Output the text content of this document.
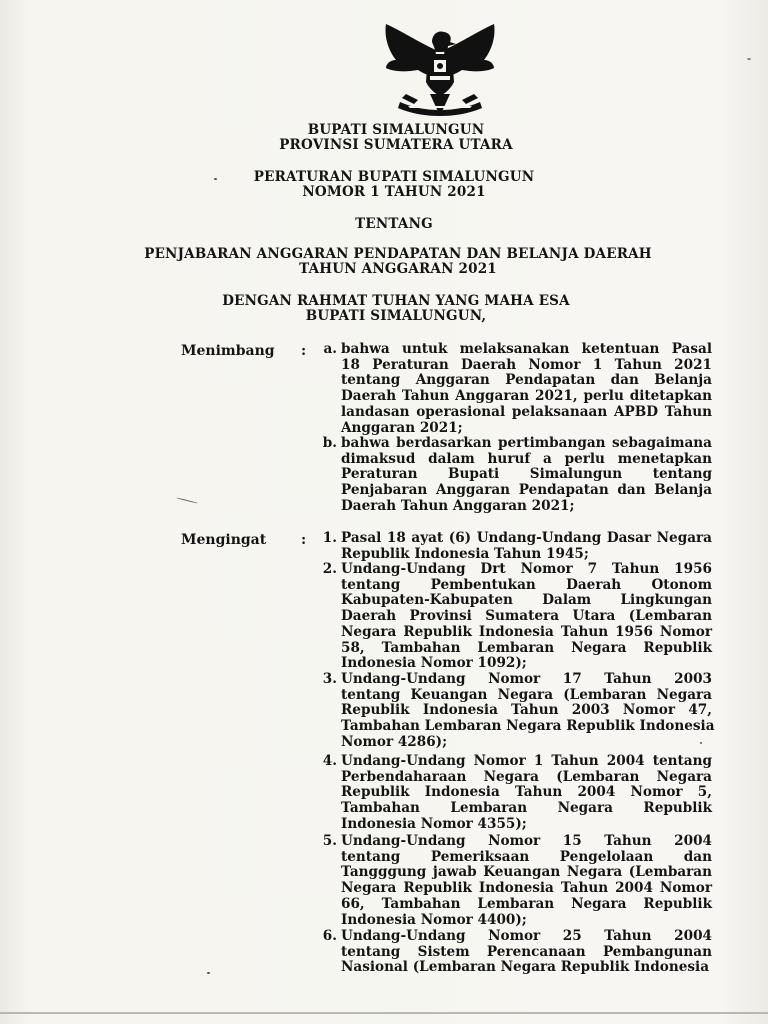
BUPATI SIMALUNGUN
PROVINSI SUMATERA UTARA
PERATURAN BUPATI SIMALUNGUN
NOMOR 1 TAHUN 2021
TENTANG
PENJABARAN ANGGARAN PENDAPATAN DAN BELANJA DAERAH
TAHUN ANGGARAN 2021
DENGAN RAHMAT TUHAN YANG MAHA ESA
BUPATI SIMALUNGUN,
Menimbang : a. bahwa untuk melaksanakan ketentuan Pasal
18 Peraturan Daerah Nomor 1 Tahun 2021
tentang Anggaran Pendapatan dan Belanja
Daerah Tahun Anggaran 2021, perlu ditetapkan
landasan operasional pelaksanaan APBD Tahun
Anggaran 2021;
b. bahwa berdasarkan pertimbangan sebagaimana
dimaksud dalam huruf a perlu menetapkan
Peraturan Bupati Simalungun tentang
Penjabaran Anggaran Pendapatan dan Belanja
Daerah Tahun Anggaran 2021;
Mengingat : 1. Pasal 18 ayat (6) Undang-Undang Dasar Negara
Republik Indonesia Tahun 1945;
2. Undang-Undang Drt Nomor 7 Tahun 1956
tentang Pembentukan Daerah Otonom
Kabupaten-Kabupaten Dalam Lingkungan
Daerah Provinsi Sumatera Utara (Lembaran
Negara Republik Indonesia Tahun 1956 Nomor
58, Tambahan Lembaran Negara Republik
Indonesia Nomor 1092);
3. Undang-Undang Nomor 17 Tahun 2003
tentang Keuangan Negara (Lembaran Negara
Republik Indonesia Tahun 2003 Nomor 47,
Tambahan Lembaran Negara Republik Indonesia
Nomor 4286);
4. Undang-Undang Nomor 1 Tahun 2004 tentang
Perbendaharaan Negara (Lembaran Negara
Republik Indonesia Tahun 2004 Nomor 5,
Tambahan Lembaran Negara Republik
Indonesia Nomor 4355);
5. Undang-Undang Nomor 15 Tahun 2004
tentang Pemeriksaan Pengelolaan dan
Tangggung jawab Keuangan Negara (Lembaran
Negara Republik Indonesia Tahun 2004 Nomor
66, Tambahan Lembaran Negara Republik
Indonesia Nomor 4400);
6. Undang-Undang Nomor 25 Tahun 2004
tentang Sistem Perencanaan Pembangunan
Nasional (Lembaran Negara Republik Indonesia
